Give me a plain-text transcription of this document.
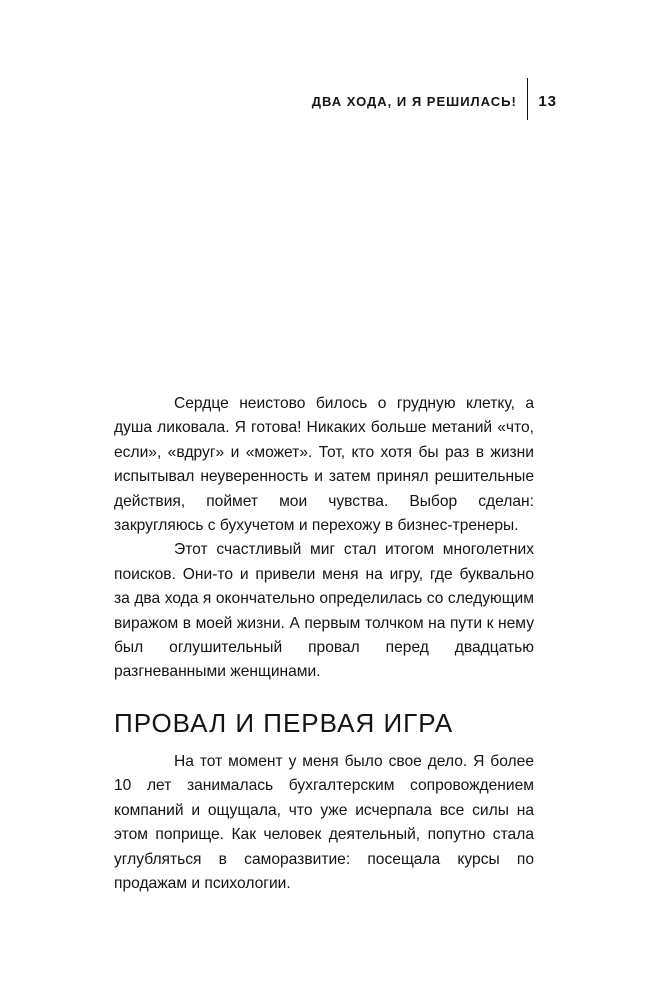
ДВА ХОДА, И Я РЕШИЛАСЬ! 13

Сердце неистово билось о грудную клетку, а душа ликовала. Я готова! Никаких больше метаний «что, если», «вдруг» и «может». Тот, кто хотя бы раз в жизни испытывал неуверенность и затем принял решительные действия, поймет мои чувства. Выбор сделан: закругляюсь с бухучетом и перехожу в бизнес-тренеры.

Этот счастливый миг стал итогом многолетних поисков. Они-то и привели меня на игру, где буквально за два хода я окончательно определилась со следующим виражом в моей жизни. А первым толчком на пути к нему был оглушительный провал перед двадцатью разгневанными женщинами.

ПРОВАЛ И ПЕРВАЯ ИГРА

На тот момент у меня было свое дело. Я более 10 лет занималась бухгалтерским сопровождением компаний и ощущала, что уже исчерпала все силы на этом поприще. Как человек деятельный, попутно стала углубляться в саморазвитие: посещала курсы по продажам и психологии.
